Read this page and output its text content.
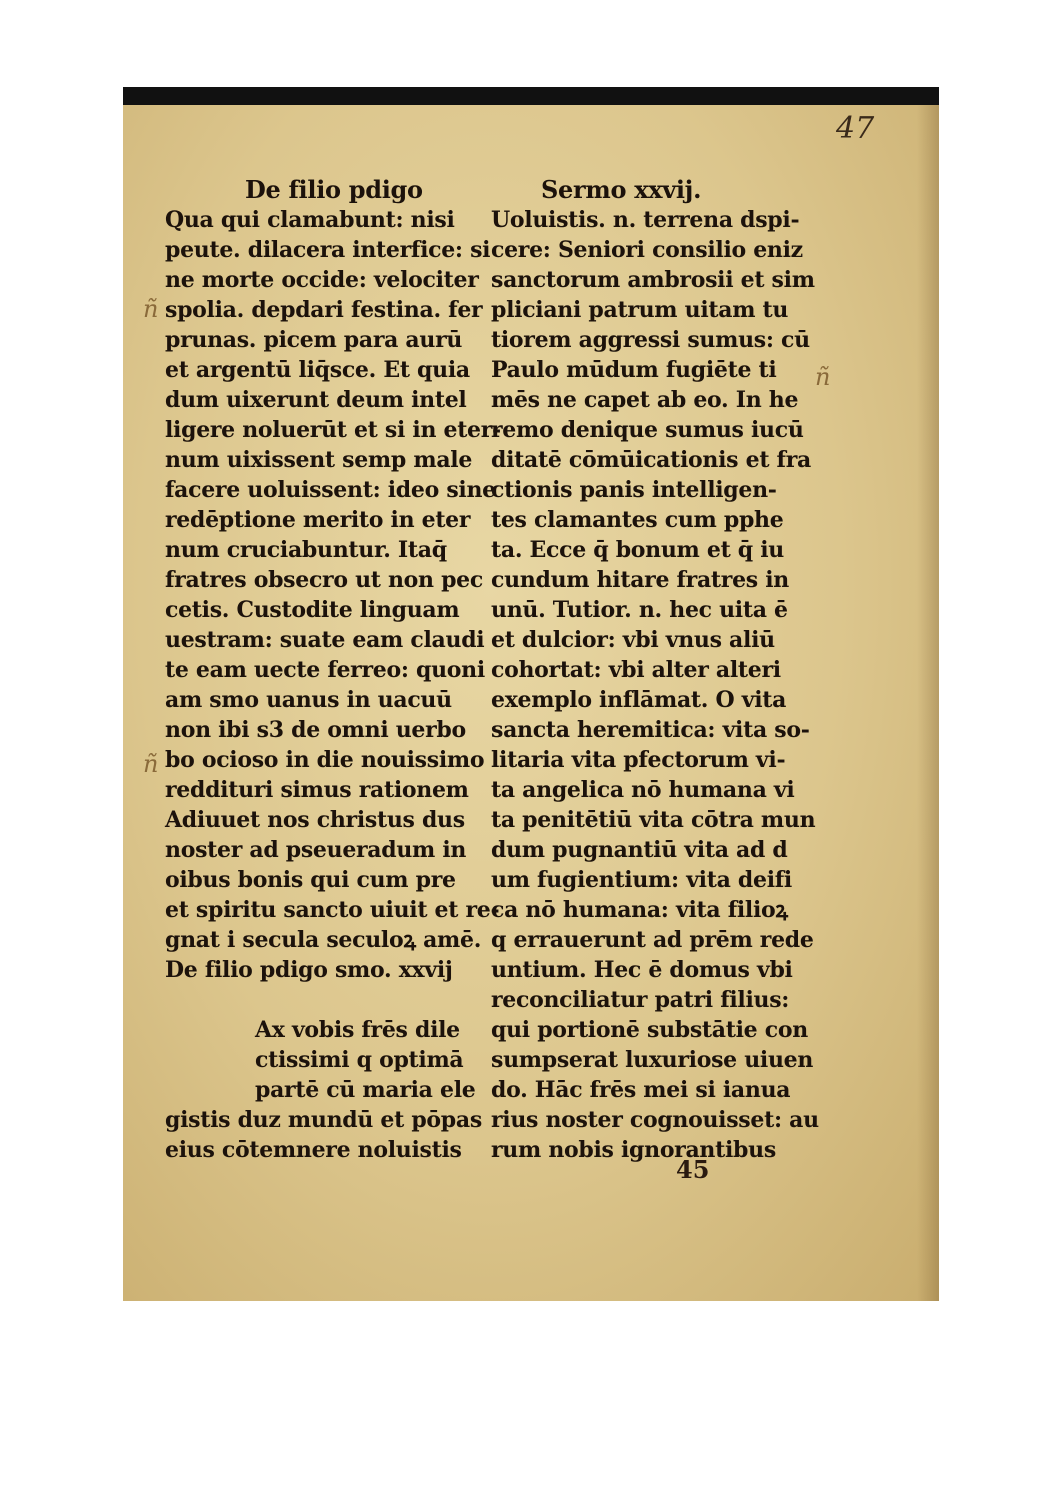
47
ñ
ñ
ñ
De filio pdigo
Qua qui clamabunt: nisi
peute. dilacera interfice: si
ne morte occide: velociter
spolia. depdari festina. fer
prunas. picem para aurū
et argentū liq̄sce. Et quia
dum uixerunt deum intel
ligere noluerūt et si in eter-
num uixissent semp male
facere uoluissent: ideo sine
redēptione merito in eter
num cruciabuntur. Itaq̄
fratres obsecro ut non pec
cetis. Custodite linguam
uestram: suate eam claudi
te eam uecte ferreo: quoni
am smo uanus in uacuū
non ibi s3 de omni uerbo
bo ocioso in die nouissimo
reddituri simus rationem
Adiuuet nos christus dus
noster ad pseueradum in
oibus bonis qui cum pre
et spiritu sancto uiuit et re-
gnat i secula seculoꝝ amē.
De filio pdigo smo. xxvij
Ax vobis frēs dile
ctissimi q optimā
partē cū maria ele
gistis duz mundū et pōpas
eius cōtemnere noluistis
Sermo xxvij.
Uoluistis. n. terrena dspi-
cere: Seniori consilio eniz
sanctorum ambrosii et sim
pliciani patrum uitam tu
tiorem aggressi sumus: cū
Paulo mūdum fugiēte ti
mēs ne capet ab eo. In he
remo denique sumus iucū
ditatē cōmūicationis et fra
ctionis panis intelligen-
tes clamantes cum pphe
ta. Ecce q̄ bonum et q̄ iu
cundum hitare fratres in
unū. Tutior. n. hec uita ē
et dulcior: vbi vnus aliū
cohortat: vbi alter alteri
exemplo inflāmat. O vita
sancta heremitica: vita so-
litaria vita pfectorum vi-
ta angelica nō humana vi
ta penitētiū vita cōtra mun
dum pugnantiū vita ad d
um fugientium: vita deifi
ca nō humana: vita filioꝝ
q errauerunt ad prēm rede
untium. Hec ē domus vbi
reconciliatur patri filius:
qui portionē substātie con
sumpserat luxuriose uiuen
do. Hāc frēs mei si ianua
rius noster cognouisset: au
rum nobis ignorantibus
45
